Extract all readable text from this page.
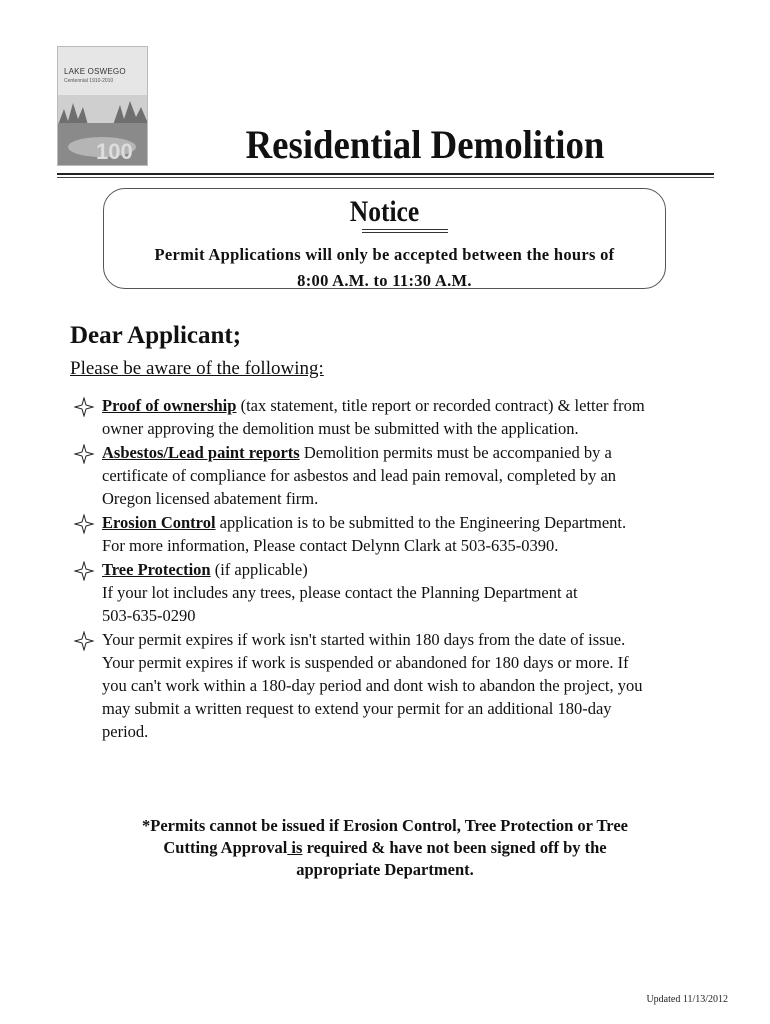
LAKE OSWEGO
Centennial 1910-2010
100	Residential Demolition
Notice
Permit Applications will only be accepted between the hours of
8:00 A.M. to 11:30 A.M.
Dear Applicant;
Please be aware of the following:
Proof of ownership (tax statement, title report or recorded contract) & letter from
owner approving the demolition must be submitted with the application.
Asbestos/Lead paint reports Demolition permits must be accompanied by a
certificate of compliance for asbestos and lead pain removal, completed by an
Oregon licensed abatement firm.
Erosion Control application is to be submitted to the Engineering Department.
For more information, Please contact Delynn Clark at 503-635-0390.
Tree Protection (if applicable)
If your lot includes any trees, please contact the Planning Department at
503-635-0290
Your permit expires if work isn't started within 180 days from the date of issue.
Your permit expires if work is suspended or abandoned for 180 days or more. If
you can't work within a 180-day period and dont wish to abandon the project, you
may submit a written request to extend your permit for an additional 180-day
period.
*Permits cannot be issued if Erosion Control, Tree Protection or Tree
Cutting Approval is required & have not been signed off by the
appropriate Department.
Updated 11/13/2012
